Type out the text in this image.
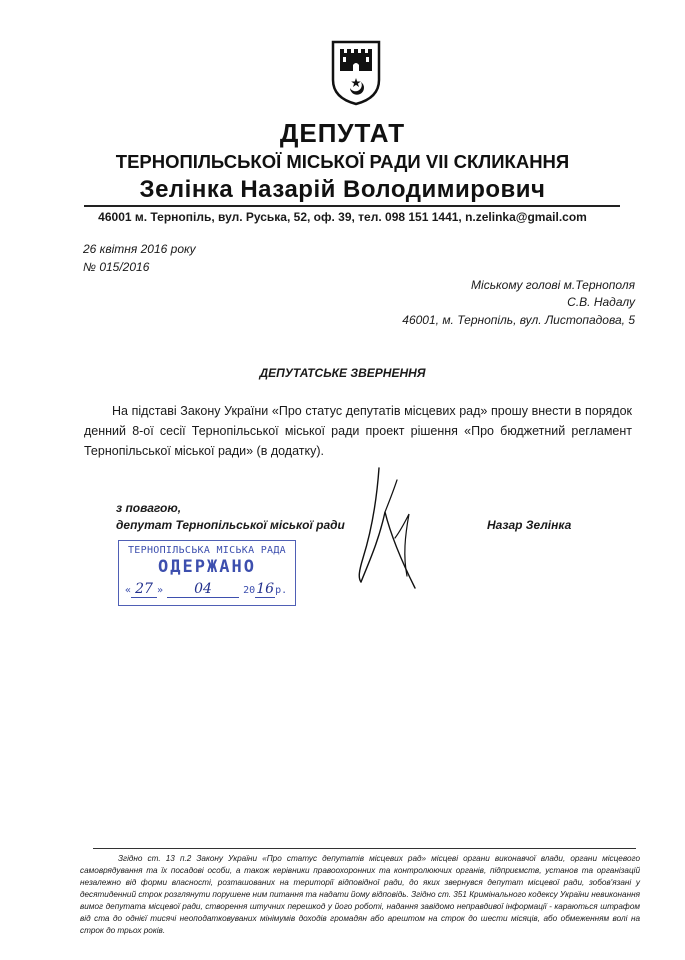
ДЕПУТАТ
ТЕРНОПІЛЬСЬКОЇ МІСЬКОЇ РАДИ VII СКЛИКАННЯ
Зелінка Назарій Володимирович
46001 м. Тернопіль, вул. Руська, 52, оф. 39, тел. 098 151 1441, n.zelinka@gmail.com
26 квітня 2016 року
№ 015/2016
Міському голові м.Тернополя
С.В. Надалу
46001, м. Тернопіль, вул. Листопадова, 5
ДЕПУТАТСЬКЕ ЗВЕРНЕННЯ

На підставі Закону України «Про статус депутатів місцевих рад» прошу внести в порядок денний 8-ої сесії Тернопільської міської ради проект рішення «Про бюджетний регламент Тернопільської міської ради» (в додатку).

з повагою,
депутат Тернопільської міської ради	Назар Зелінка
ТЕРНОПІЛЬСЬКА МІСЬКА РАДА
ОДЕРЖАНО
« 27 » 04	2016р.

Згідно ст. 13 п.2 Закону України «Про статус депутатів місцевих рад» місцеві органи виконавчої влади, органи місцевого самоврядування та їх посадові особи, а також керівники правоохоронних та контролюючих органів, підприємств, установ та організацій незалежно від форми власності, розташованих на території відповідної ради, до яких звернувся депутат місцевої ради, зобов'язані у десятиденний строк розглянути порушене ним питання та надати йому відповідь. Згідно ст. 351 Кримінального кодексу України невиконання вимог депутата місцевої ради, створення штучних перешкод у його роботі, надання завідомо неправдивої інформації - караються штрафом від ста до однієї тисячі неоподатковуваних мінімумів доходів громадян або арештом на строк до шести місяців, або обмеженням волі на строк до трьох років.
